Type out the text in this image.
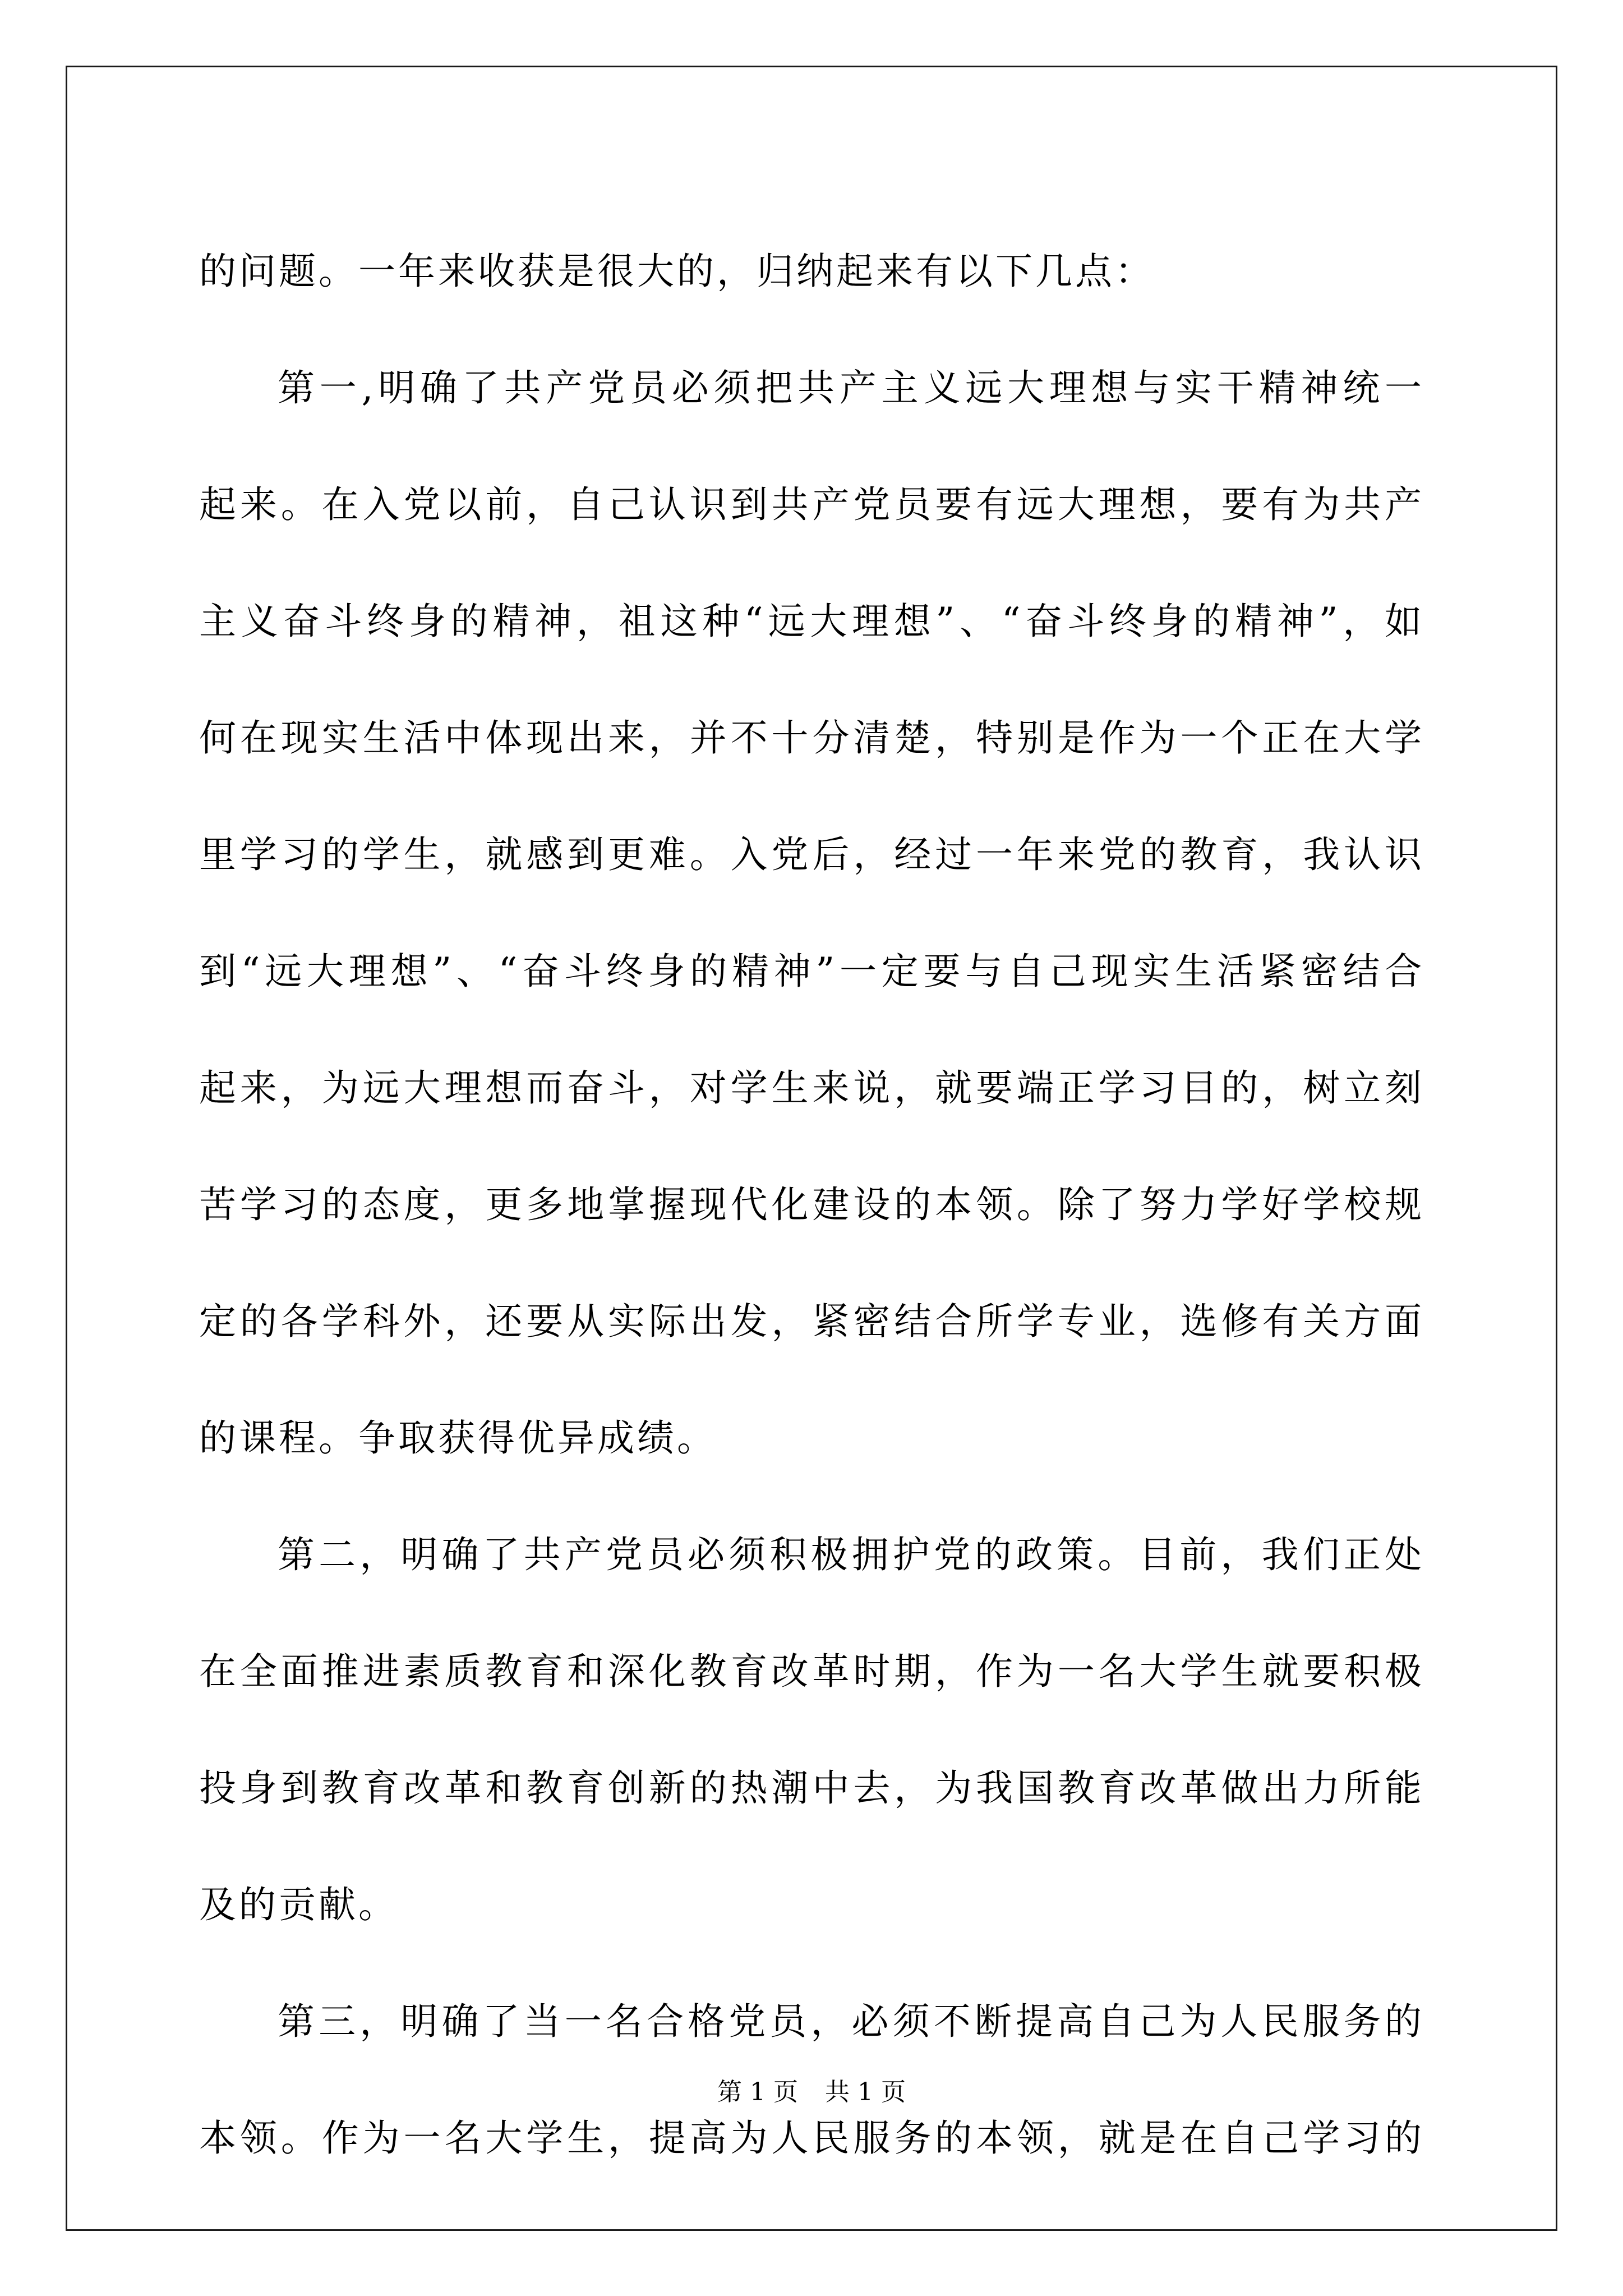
的问题。一年来收获是很大的，归纳起来有以下几点：
第一,明确了共产党员必须把共产主义远大理想与实干精神统一
起来。在入党以前，自己认识到共产党员要有远大理想，要有为共产
主义奋斗终身的精神，祖这种“远大理想”、“奋斗终身的精神”，如
何在现实生活中体现出来，并不十分清楚，特别是作为一个正在大学
里学习的学生，就感到更难。入党后，经过一年来党的教育，我认识
到“远大理想”、“奋斗终身的精神”一定要与自己现实生活紧密结合
起来，为远大理想而奋斗，对学生来说，就要端正学习目的，树立刻
苦学习的态度，更多地掌握现代化建设的本领。除了努力学好学校规
定的各学科外，还要从实际出发，紧密结合所学专业，选修有关方面
的课程。争取获得优异成绩。
第二，明确了共产党员必须积极拥护党的政策。目前，我们正处
在全面推进素质教育和深化教育改革时期，作为一名大学生就要积极
投身到教育改革和教育创新的热潮中去，为我国教育改革做出力所能
及的贡献。
第三，明确了当一名合格党员，必须不断提高自己为人民服务的
本领。作为一名大学生，提高为人民服务的本领，就是在自己学习的
第 1 页 共 1 页
